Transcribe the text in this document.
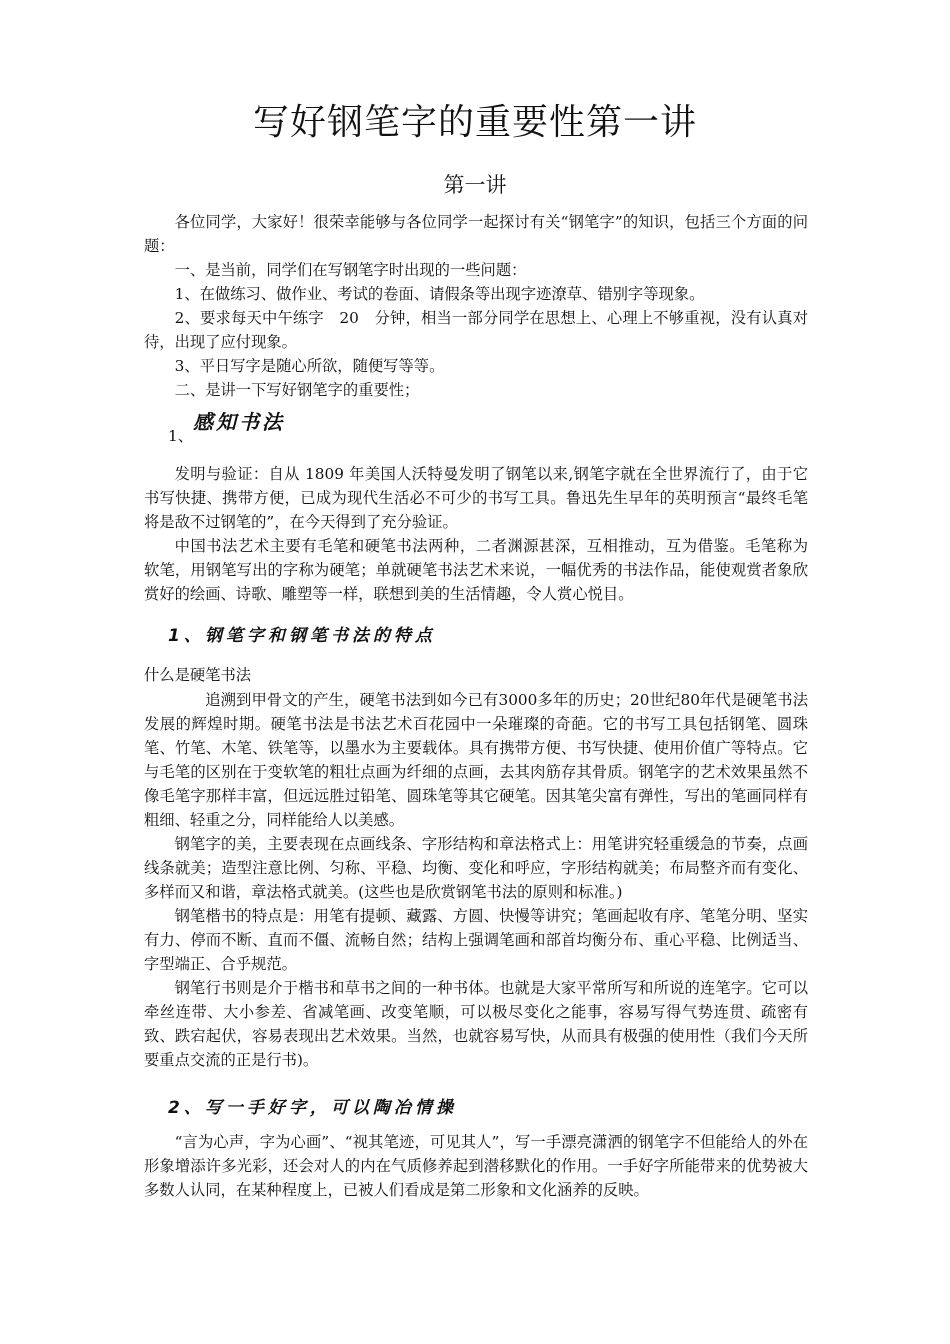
写好钢笔字的重要性第一讲
第一讲

各位同学，大家好！很荣幸能够与各位同学一起探讨有关“钢笔字”的知识，包括三个方面的问题：

一、是当前，同学们在写钢笔字时出现的一些问题：

1、在做练习、做作业、考试的卷面、请假条等出现字迹潦草、错别字等现象。

2、要求每天中午练字　20　分钟，相当一部分同学在思想上、心理上不够重视，没有认真对待，出现了应付现象。

3、平日写字是随心所欲，随便写等等。

二、是讲一下写好钢笔字的重要性；

1、感知书法

发明与验证：自从 1809 年美国人沃特曼发明了钢笔以来,钢笔字就在全世界流行了，由于它书写快捷、携带方便，已成为现代生活必不可少的书写工具。鲁迅先生早年的英明预言“最终毛笔将是敌不过钢笔的”，在今天得到了充分验证。

中国书法艺术主要有毛笔和硬笔书法两种，二者渊源甚深，互相推动，互为借鉴。毛笔称为　软笔，用钢笔写出的字称为硬笔；单就硬笔书法艺术来说，一幅优秀的书法作品，能使观赏者象欣赏好的绘画、诗歌、雕塑等一样，联想到美的生活情趣，令人赏心悦目。

1、钢笔字和钢笔书法的特点
什么是硬笔书法

追溯到甲骨文的产生，硬笔书法到如今已有3000多年的历史；20世纪80年代是硬笔书法发展的辉煌时期。硬笔书法是书法艺术百花园中一朵璀璨的奇葩。它的书写工具包括钢笔、圆珠笔、竹笔、木笔、铁笔等，以墨水为主要载体。具有携带方便、书写快捷、使用价值广等特点。它与毛笔的区别在于变软笔的粗壮点画为纤细的点画，去其肉筋存其骨质。钢笔字的艺术效果虽然不像毛笔字那样丰富，但远远胜过铅笔、圆珠笔等其它硬笔。因其笔尖富有弹性，写出的笔画同样有粗细、轻重之分，同样能给人以美感。

钢笔字的美，主要表现在点画线条、字形结构和章法格式上：用笔讲究轻重缓急的节奏，点画线条就美；造型注意比例、匀称、平稳、均衡、变化和呼应，字形结构就美；布局整齐而有变化、多样而又和谐，章法格式就美。(这些也是欣赏钢笔书法的原则和标准。)

钢笔楷书的特点是：用笔有提顿、藏露、方圆、快慢等讲究；笔画起收有序、笔笔分明、坚实有力、停而不断、直而不僵、流畅自然；结构上强调笔画和部首均衡分布、重心平稳、比例适当、字型端正、合乎规范。

钢笔行书则是介于楷书和草书之间的一种书体。也就是大家平常所写和所说的连笔字。它可以牵丝连带、大小参差、省减笔画、改变笔顺，可以极尽变化之能事，容易写得气势连贯、疏密有致、跌宕起伏，容易表现出艺术效果。当然，也就容易写快，从而具有极强的使用性（我们今天所要重点交流的正是行书)。

2、写一手好字，可以陶冶情操

“言为心声，字为心画”、“视其笔迹，可见其人”，写一手漂亮潇洒的钢笔字不但能给人的外在形象增添许多光彩，还会对人的内在气质修养起到潜移默化的作用。一手好字所能带来的优势被大多数人认同，在某种程度上，已被人们看成是第二形象和文化涵养的反映。
